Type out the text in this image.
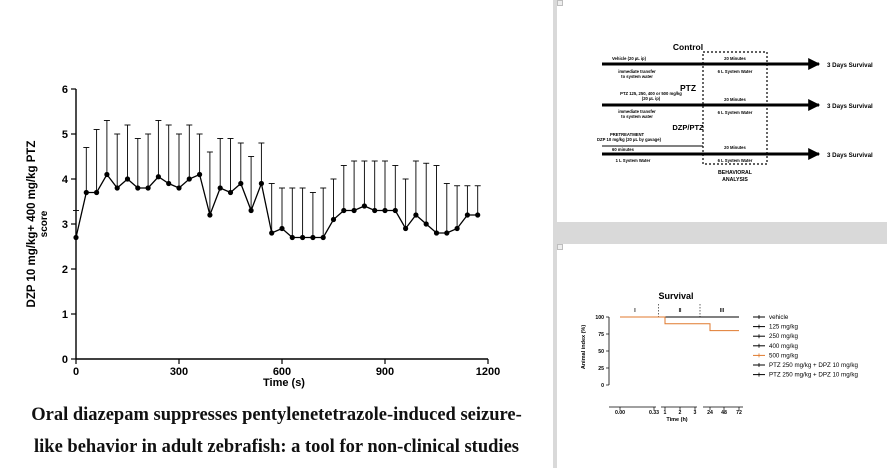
0
1
2
3
4
5
6
0	300	600	900	1200
Time (s)
DZP 10 mg/kg+ 400 mg/kg PTZ score
Oral diazepam suppresses pentylenetetrazole-induced seizure-
like behavior in adult zebrafish: a tool for non-clinical studies
Control
Vehicle (20 µL ip)
immediate transfer
to system water
20 Minutes
6 L System Water
3 Days Survival
PTZ
PTZ 125, 250, 400 or 500 mg/kg
(20 µL ip)
immediate transfer
to system water
20 Minutes
6 L System Water
3 Days Survival
DZP/PTZ
PRETREATMENT
DZP 10 mg/kg (20 µL by gavage)
60 minutes
1 L System Water
20 Minutes
6 L System Water
3 Days Survival
BEHAVIORAL
ANALYSIS
Survival
Animal index (%)
Time (h)
0
25
50
75
100
0.00	0.33 1 2 3 24 48 72
I	II	III
vehicle
125 mg/kg
250 mg/kg
400 mg/kg
500 mg/kg
PTZ 250 mg/kg + DPZ 10 mg/kg
PTZ 250 mg/kg + DPZ 10 mg/kg
